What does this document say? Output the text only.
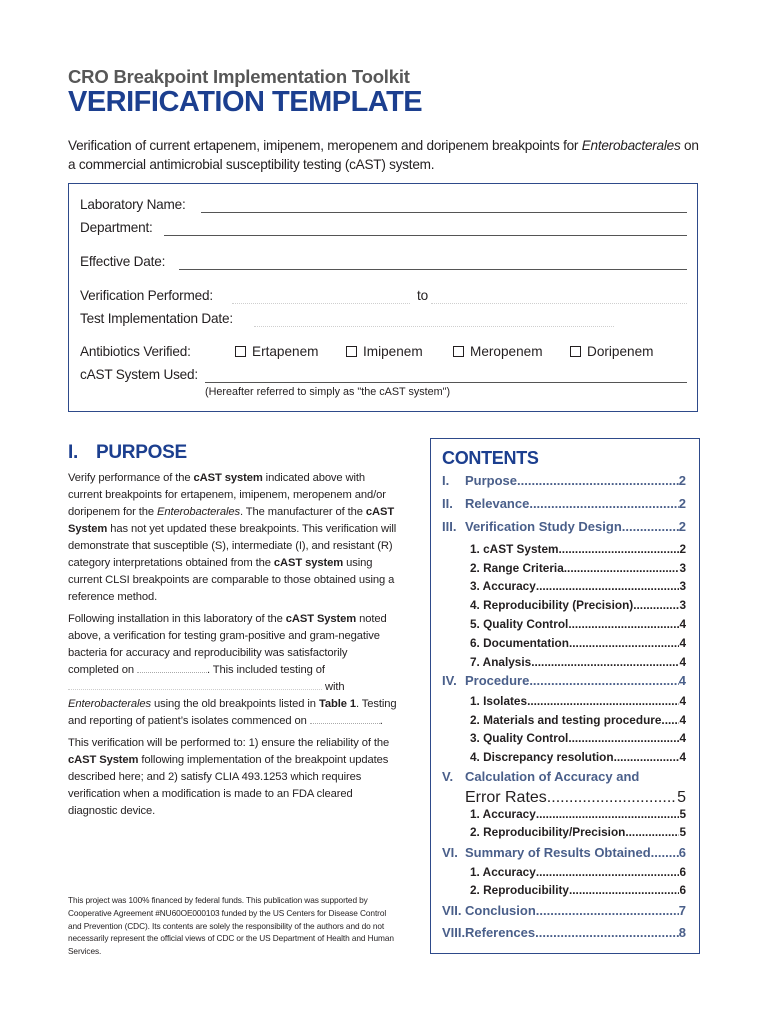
CRO Breakpoint Implementation Toolkit
VERIFICATION TEMPLATE

Verification of current ertapenem, imipenem, meropenem and doripenem breakpoints for Enterobacterales on a commercial antimicrobial susceptibility testing (cAST) system.

Laboratory Name:
Department:
Effective Date:
Verification Performed:	to
Test Implementation Date:
Antibiotics Verified:	Ertapenem	Imipenem	Meropenem	Doripenem
cAST System Used:
(Hereafter referred to simply as "the cAST system")
I. PURPOSE

Verify performance of the cAST system indicated above with current breakpoints for ertapenem, imipenem, meropenem and/or doripenem for the Enterobacterales. The manufacturer of the cAST System has not yet updated these breakpoints. This verification will demonstrate that susceptible (S), intermediate (I), and resistant (R) category interpretations obtained from the cAST system using current CLSI breakpoints are comparable to those obtained using a reference method.

Following installation in this laboratory of the cAST System noted above, a verification for testing gram-positive and gram-negative bacteria for accuracy and reproducibility was satisfactorily completed on	. This included testing of  with Enterobacterales using the old breakpoints listed in Table 1. Testing and reporting of patient’s isolates commenced on	.

This verification will be performed to: 1) ensure the reliability of the cAST System following implementation of the breakpoint updates described here; and 2) satisfy CLIA 493.1253 which requires verification when a modification is made to an FDA cleared diagnostic device.

This project was 100% financed by federal funds. This publication was supported by Cooperative Agreement #NU60OE000103 funded by the US Centers for Disease Control and Prevention (CDC). Its contents are solely the responsibility of the authors and do not necessarily represent the official views of CDC or the US Department of Health and Human Services.
CONTENTS
I. Purpose .....	2
II. Relevance .....	2
III. Verification Study Design .....	2
1. cAST System .....	2
2. Range Criteria .....	3
3. Accuracy .....	3
4. Reproducibility (Precision) .....	3
5. Quality Control .....	4
6. Documentation .....	4
7. Analysis .....	4
IV. Procedure .....	4
1. Isolates .....	4
2. Materials and testing procedure. ..... 4
3. Quality Control .....	4
4. Discrepancy resolution .....	4
V. Calculation of Accuracy and
Error Rates .....	5
1. Accuracy .....	5
2. Reproducibility/Precision .....	5
VI. Summary of Results Obtained ..... 6
1. Accuracy .....	6
2. Reproducibility .....	6
VII. Conclusion .....	7
VIII.References .....	8
